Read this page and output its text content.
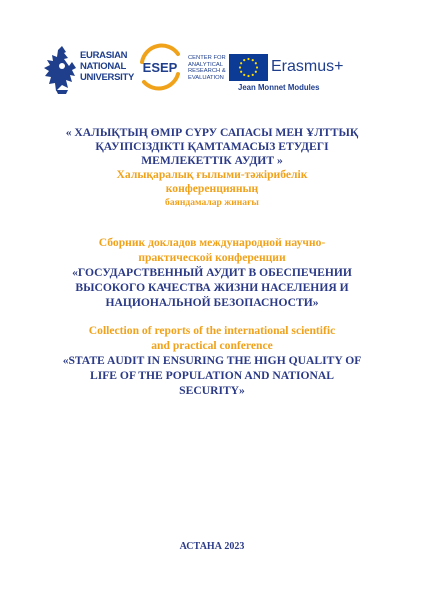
EURASIAN
NATIONAL
UNIVERSITY
ESEP
CENTER FOR
ANALYTICAL
RESEARCH &
EVALUATION
Erasmus+
Jean Monnet Modules
« ХАЛЫҚТЫҢ ӨМІР СҮРУ САПАСЫ МЕН ҰЛТТЫҚ
ҚАУІПСІЗДІКТІ ҚАМТАМАСЫЗ ЕТУДЕГІ
МЕМЛЕКЕТТІК АУДИТ »
Халықаралық ғылыми-тәжірибелік
конференцияның
баяндамалар жинағы
Сборник докладов международной научно-
практической конференции
«ГОСУДАРСТВЕННЫЙ АУДИТ В ОБЕСПЕЧЕНИИ
ВЫСОКОГО КАЧЕСТВА ЖИЗНИ НАСЕЛЕНИЯ И
НАЦИОНАЛЬНОЙ БЕЗОПАСНОСТИ»
Collection of reports of the international scientific
and practical conference
«STATE AUDIT IN ENSURING THE HIGH QUALITY OF
LIFE OF THE POPULATION AND NATIONAL
SECURITY»
АСТАНА 2023
